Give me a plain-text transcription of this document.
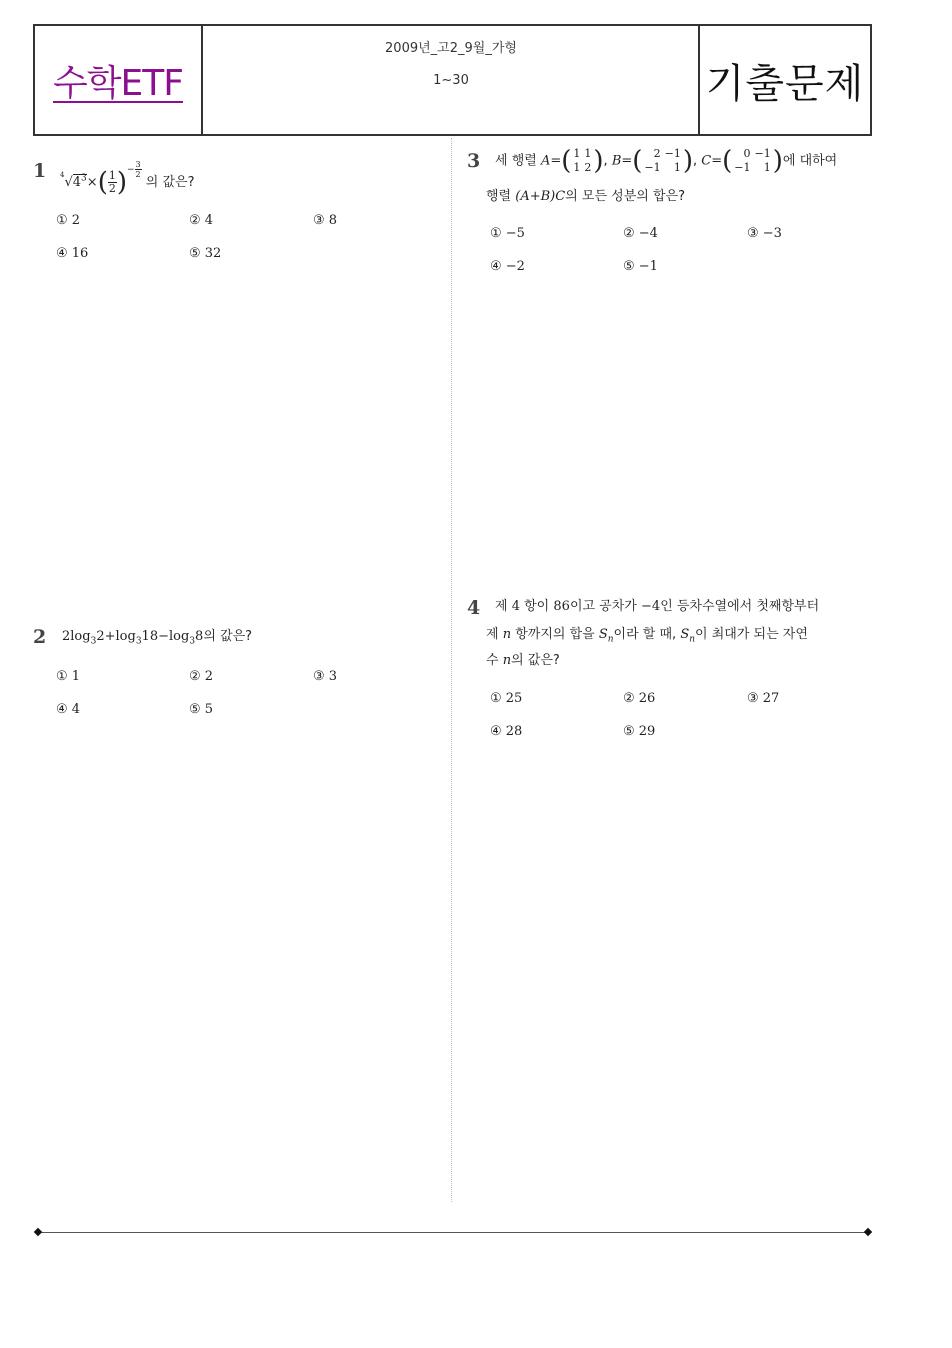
수학ETF
2009년_고2_9월_가형
1~30	기출문제
1 $^4√4^3\times( \frac{1}{2} )^{- \frac{3}{2}}$
의 값은?
① 2	② 4	③ 8
④ 16	⑤ 32
2 $2\log_32+\log_318-\log_38$의 값은?
① 1	② 2	③ 3
④ 4	⑤ 5
3 세 행렬 A=( 1	1
1	2 ), B=( 2	−1
−1	1 ), C=( 0	−1
−1	1 )에 대하여
행렬 (A+B)C의 모든 성분의 합은?
① −5	② −4	③ −3
④ −2	⑤ −1
4 제 4 항이 86이고 공차가 −4인 등차수열에서 첫째항부터
제 n 항까지의 합을 $S_n$이라 할 때, $S_n$이 최대가 되는 자연
수 n의 값은?
① 25	② 26	③ 27
④ 28	⑤ 29
